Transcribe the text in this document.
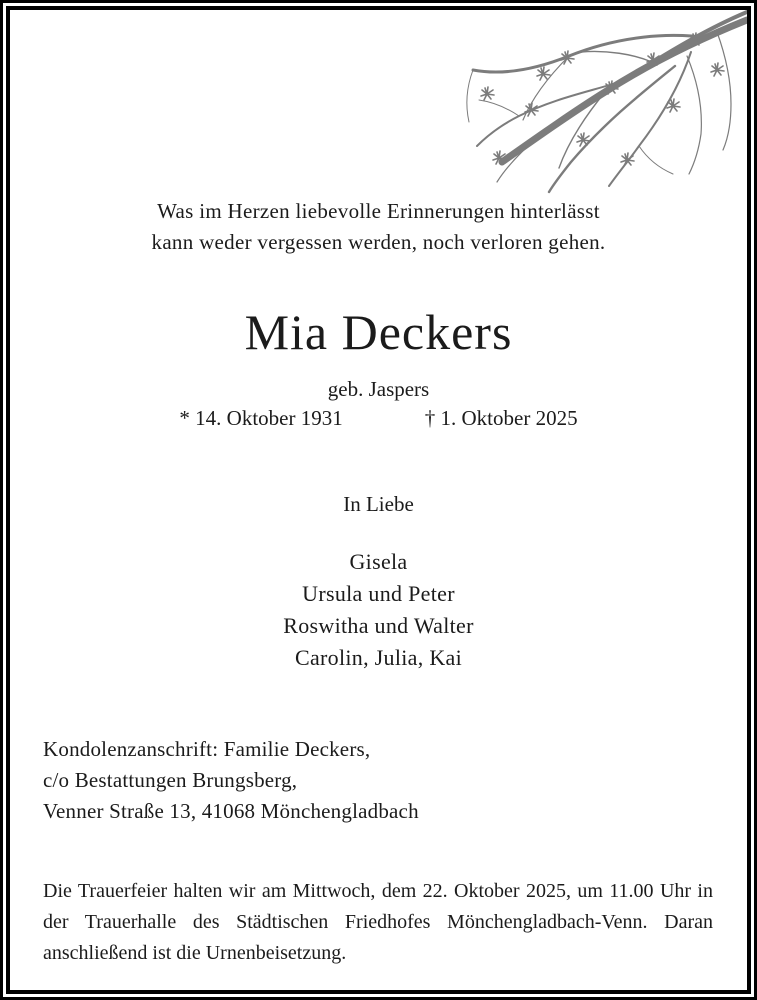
Was im Herzen liebevolle Erinnerungen hinterlässt
kann weder vergessen werden, noch verloren gehen.
Mia Deckers
geb. Jaspers
* 14. Oktober 1931	† 1. Oktober 2025
In Liebe
Gisela
Ursula und Peter
Roswitha und Walter
Carolin, Julia, Kai
Kondolenzanschrift: Familie Deckers,
c/o Bestattungen Brungsberg,
Venner Straße 13, 41068 Mönchengladbach
Die Trauerfeier halten wir am Mittwoch, dem 22. Oktober 2025, um 11.00 Uhr in der Trauerhalle des Städtischen Friedhofes Mönchengladbach-Venn. Daran anschließend ist die Urnenbeisetzung.
